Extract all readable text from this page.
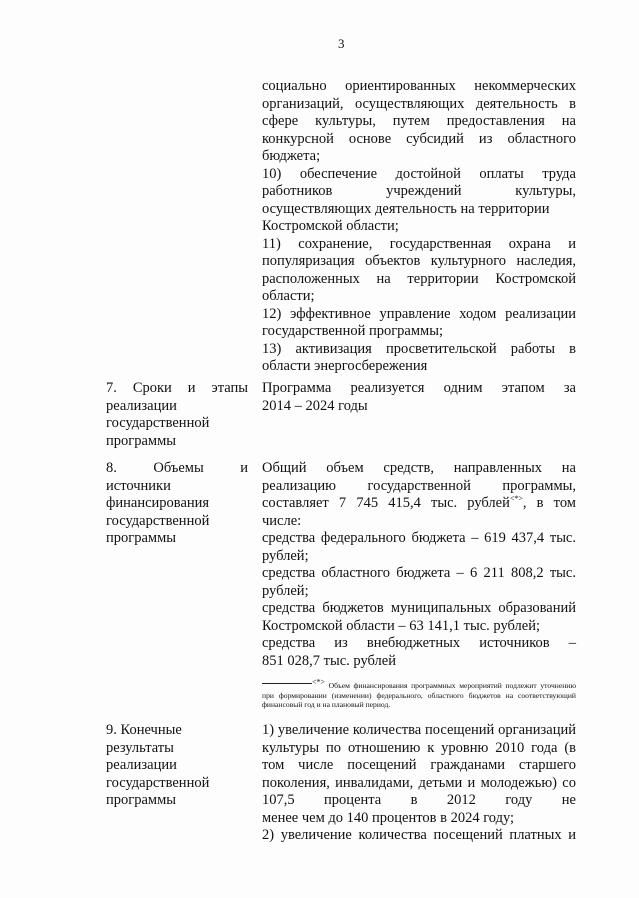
3
социально ориентированных некоммерческих организаций, осуществляющих деятельность в сфере культуры, путем предоставления на конкурсной основе субсидий из областного
бюджета;
10) обеспечение достойной оплаты труда работников учреждений культуры,
осуществляющих деятельность на территории Костромской области;
11) сохранение, государственная охрана и популяризация объектов культурного наследия, расположенных на территории Костромской
области;
12) эффективное управление ходом реализации
государственной программы;
13) активизация просветительской работы в
области энергосбережения
7. Сроки и этапы
реализации государственной программы
Программа реализуется одним этапом за
2014 – 2024 годы
8. Объемы и
источники финансирования государственной программы
Общий объем средств, направленных на реализацию государственной программы, составляет 7 745 415,4 тыс. рублей<*>, в том
числе:
средства федерального бюджета – 619 437,4 тыс.
рублей;
средства областного бюджета – 6 211 808,2 тыс.
рублей;
средства бюджетов муниципальных образований
Костромской области – 63 141,1 тыс. рублей;
средства из внебюджетных источников –
851 028,7 тыс. рублей
<*> Объем финансирования программных мероприятий подлежит уточнению при формировании (изменении) федерального, областного бюджетов на соответствующий финансовый год и на плановый период.
9. Конечные результаты реализации государственной программы
1) увеличение количества посещений организаций культуры по отношению к уровню 2010 года (в том числе посещений гражданами старшего поколения, инвалидами, детьми и молодежью) со 107,5 процента в 2012 году не
менее чем до 140 процентов в 2024 году;
2) увеличение количества посещений платных и
